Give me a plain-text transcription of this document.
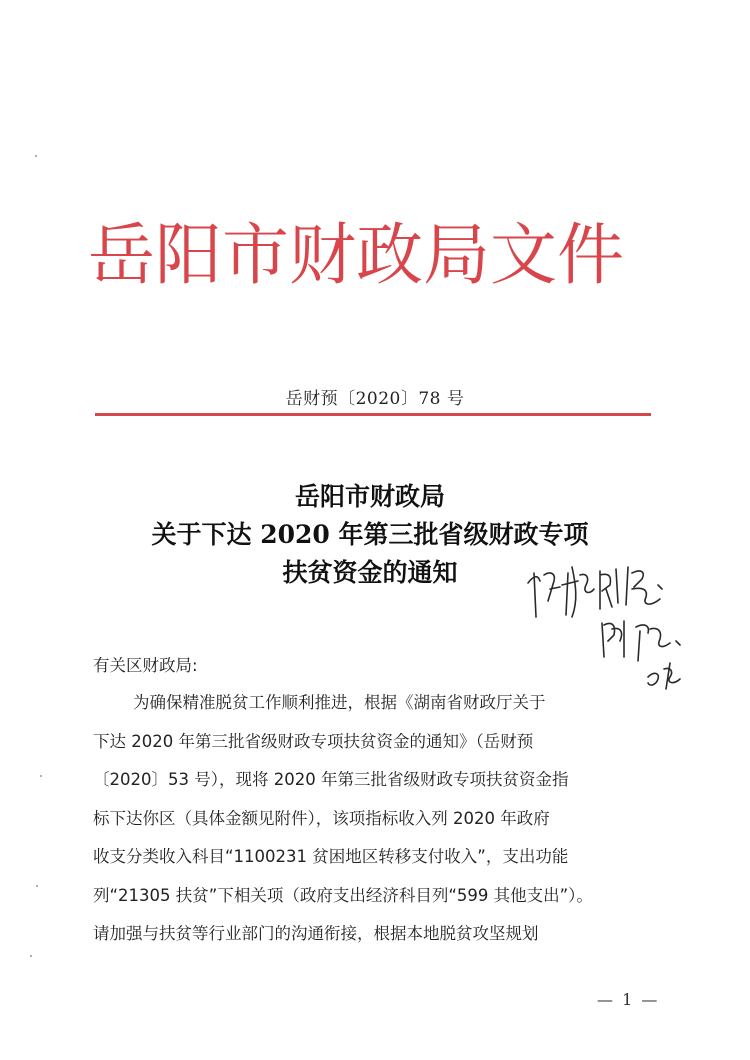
岳阳市财政局文件
岳财预〔2020〕78 号
岳阳市财政局
关于下达 2020 年第三批省级财政专项
扶贫资金的通知
有关区财政局:
为确保精准脱贫工作顺利推进，根据《湖南省财政厅关于
下达 2020 年第三批省级财政专项扶贫资金的通知》（岳财预
〔2020〕53 号），现将 2020 年第三批省级财政专项扶贫资金指
标下达你区（具体金额见附件），该项指标收入列 2020 年政府
收支分类收入科目“1100231 贫困地区转移支付收入”，支出功能
列“21305 扶贫”下相关项（政府支出经济科目列“599 其他支出”）。
请加强与扶贫等行业部门的沟通衔接，根据本地脱贫攻坚规划
— 1 —
